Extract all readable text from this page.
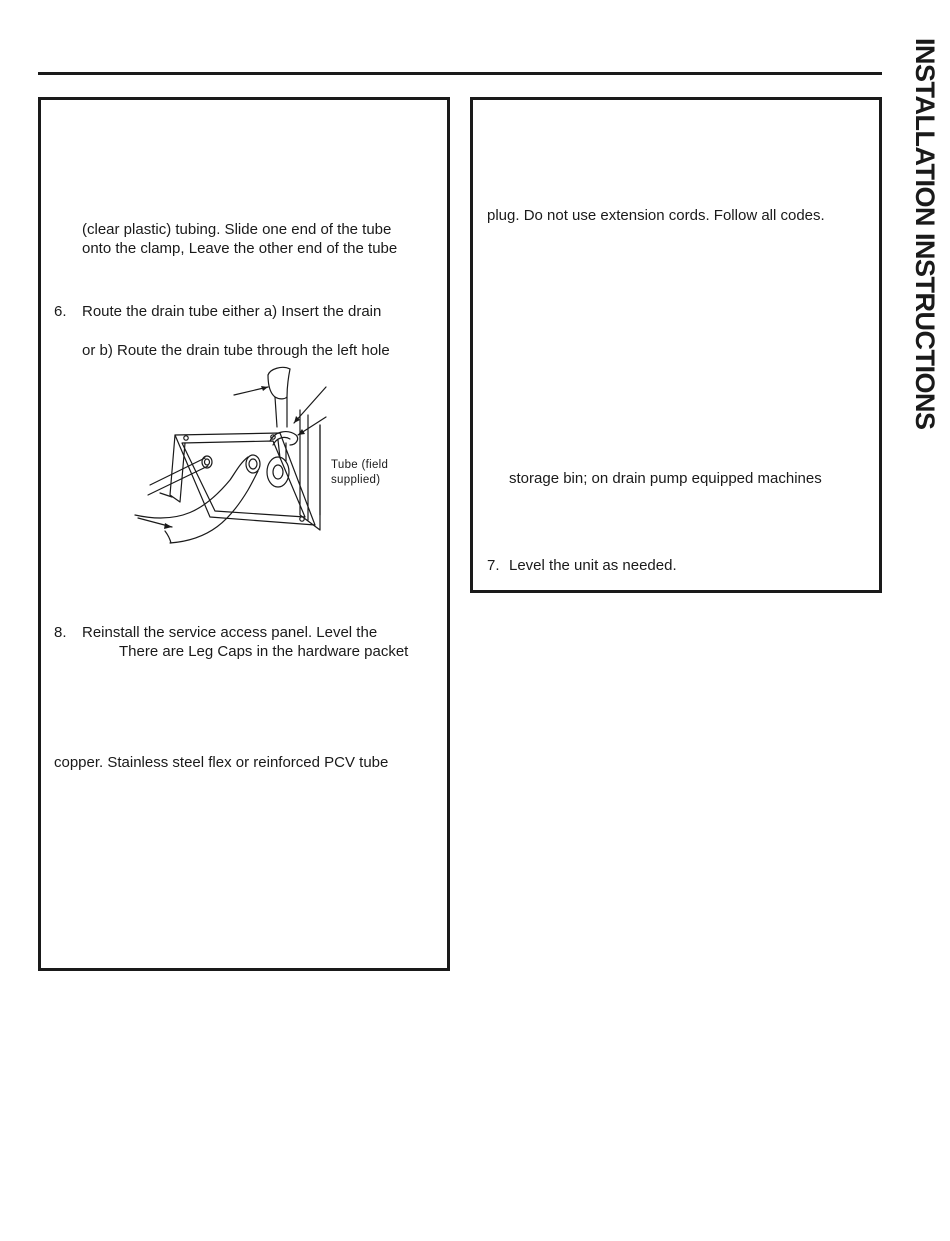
INSTALLATION INSTRUCTIONS
(clear plastic) tubing. Slide one end of the tube
onto the clamp, Leave the other end of the tube
6. Route the drain tube either a) Insert the drain
or b) Route the drain tube through the left hole
Tube (field
supplied)
8. Reinstall the service access panel. Level the
There are Leg Caps in the hardware packet
copper. Stainless steel flex or reinforced PCV tube
plug. Do not use extension cords. Follow all codes.
storage bin; on drain pump equipped machines
7. Level the unit as needed.
